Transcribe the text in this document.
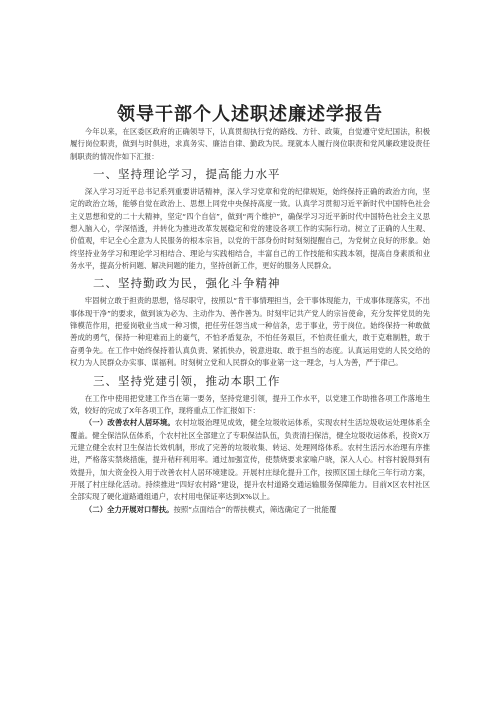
领导干部个人述职述廉述学报告

今年以来，在区委区政府的正确领导下，认真贯彻执行党的路线、方针、政策，自觉遵守党纪国法，积极履行岗位职责，做到与时俱进，求真务实、廉洁自律、勤政为民。现就本人履行岗位职责和党风廉政建设责任制职责的情况作如下汇报：

一、坚持理论学习，提高能力水平

深入学习习近平总书记系列重要讲话精神，深入学习党章和党的纪律规矩，始终保持正确的政治方向，坚定的政治立场，能够自觉在政治上、思想上同党中央保持高度一致。认真学习贯彻习近平新时代中国特色社会主义思想和党的二十大精神，坚定“四个自信”，做到“两个维护”，确保学习习近平新时代中国特色社会主义思想入脑入心，学深悟透，并转化为推进改革发展稳定和党的建设各项工作的实际行动。树立了正确的人生观、价值观，牢记全心全意为人民服务的根本宗旨，以党的干部身份时时刻刻提醒自己，为党树立良好的形象。始终坚持业务学习和理论学习相结合、理论与实践相结合，丰富自己的工作技能和实践本领，提高自身素质和业务水平，提高分析问题、解决问题的能力，坚持创新工作，更好的服务人民群众。

二、坚持勤政为民，强化斗争精神

牢固树立敢于担责的思想，恪尽职守，按照以“肯干事情理担当，会干事体现能力，干成事体现落实，不出事体现干净”的要求，做到该为必为、主动作为、善作善为。时刻牢记共产党人的宗旨使命，充分发挥党员的先锋模范作用，把爱岗敬业当成一种习惯，把任劳任怨当成一种信条，忠于事业，劳于岗位。始终保持一种敢做善成的勇气，保持一种迎难而上的豪气，不怕矛盾复杂，不怕任务艰巨，不怕责任重大，敢于克难制胜，敢于奋勇争先。在工作中始终保持着认真负责、紧抓快办，锐意进取、敢于担当的态度。认真运用党的人民交给的权力为人民群众办实事、谋福利。时刻树立党和人民群众的事业第一这一理念，与人为善，严于律己。

三、坚持党建引领，推动本职工作

在工作中使用把党建工作当在第一要务，坚持党建引领，提升工作水平，以党建工作助推各项工作落地生效，较好的完成了X年各项工作，现将重点工作汇报如下：

（一）改善农村人居环境。农村垃圾治理见成效，健全垃圾收运体系，实现农村生活垃圾收运处理体系全覆盖。健全保洁队伍体系，个农村社区全部建立了专职保洁队伍，负责清扫保洁，健全垃圾收运体系，投资X万元建立健全农村卫生保洁长效机制，形成了完善的垃圾收集、转运、处理网络体系。农村生活污水治理有序推进，严格落实禁烧措施，提升秸秆利用率。通过加强宣传，使禁烧要求家喻户晓，深入人心。村容村貌得到有效提升，加大资金投入用于改善农村人居环境建设。开展村庄绿化提升工作，按照区国土绿化三年行动方案，开展了村庄绿化活动。持续推进“四好农村路”建设，提升农村道路交通运输服务保障能力。目前X区农村社区全部实现了硬化道路通组通户，农村用电保证率达到X%以上。

（二）全力开展对口帮扶。按照“点面结合”的帮扶模式，筛选确定了一批能覆
